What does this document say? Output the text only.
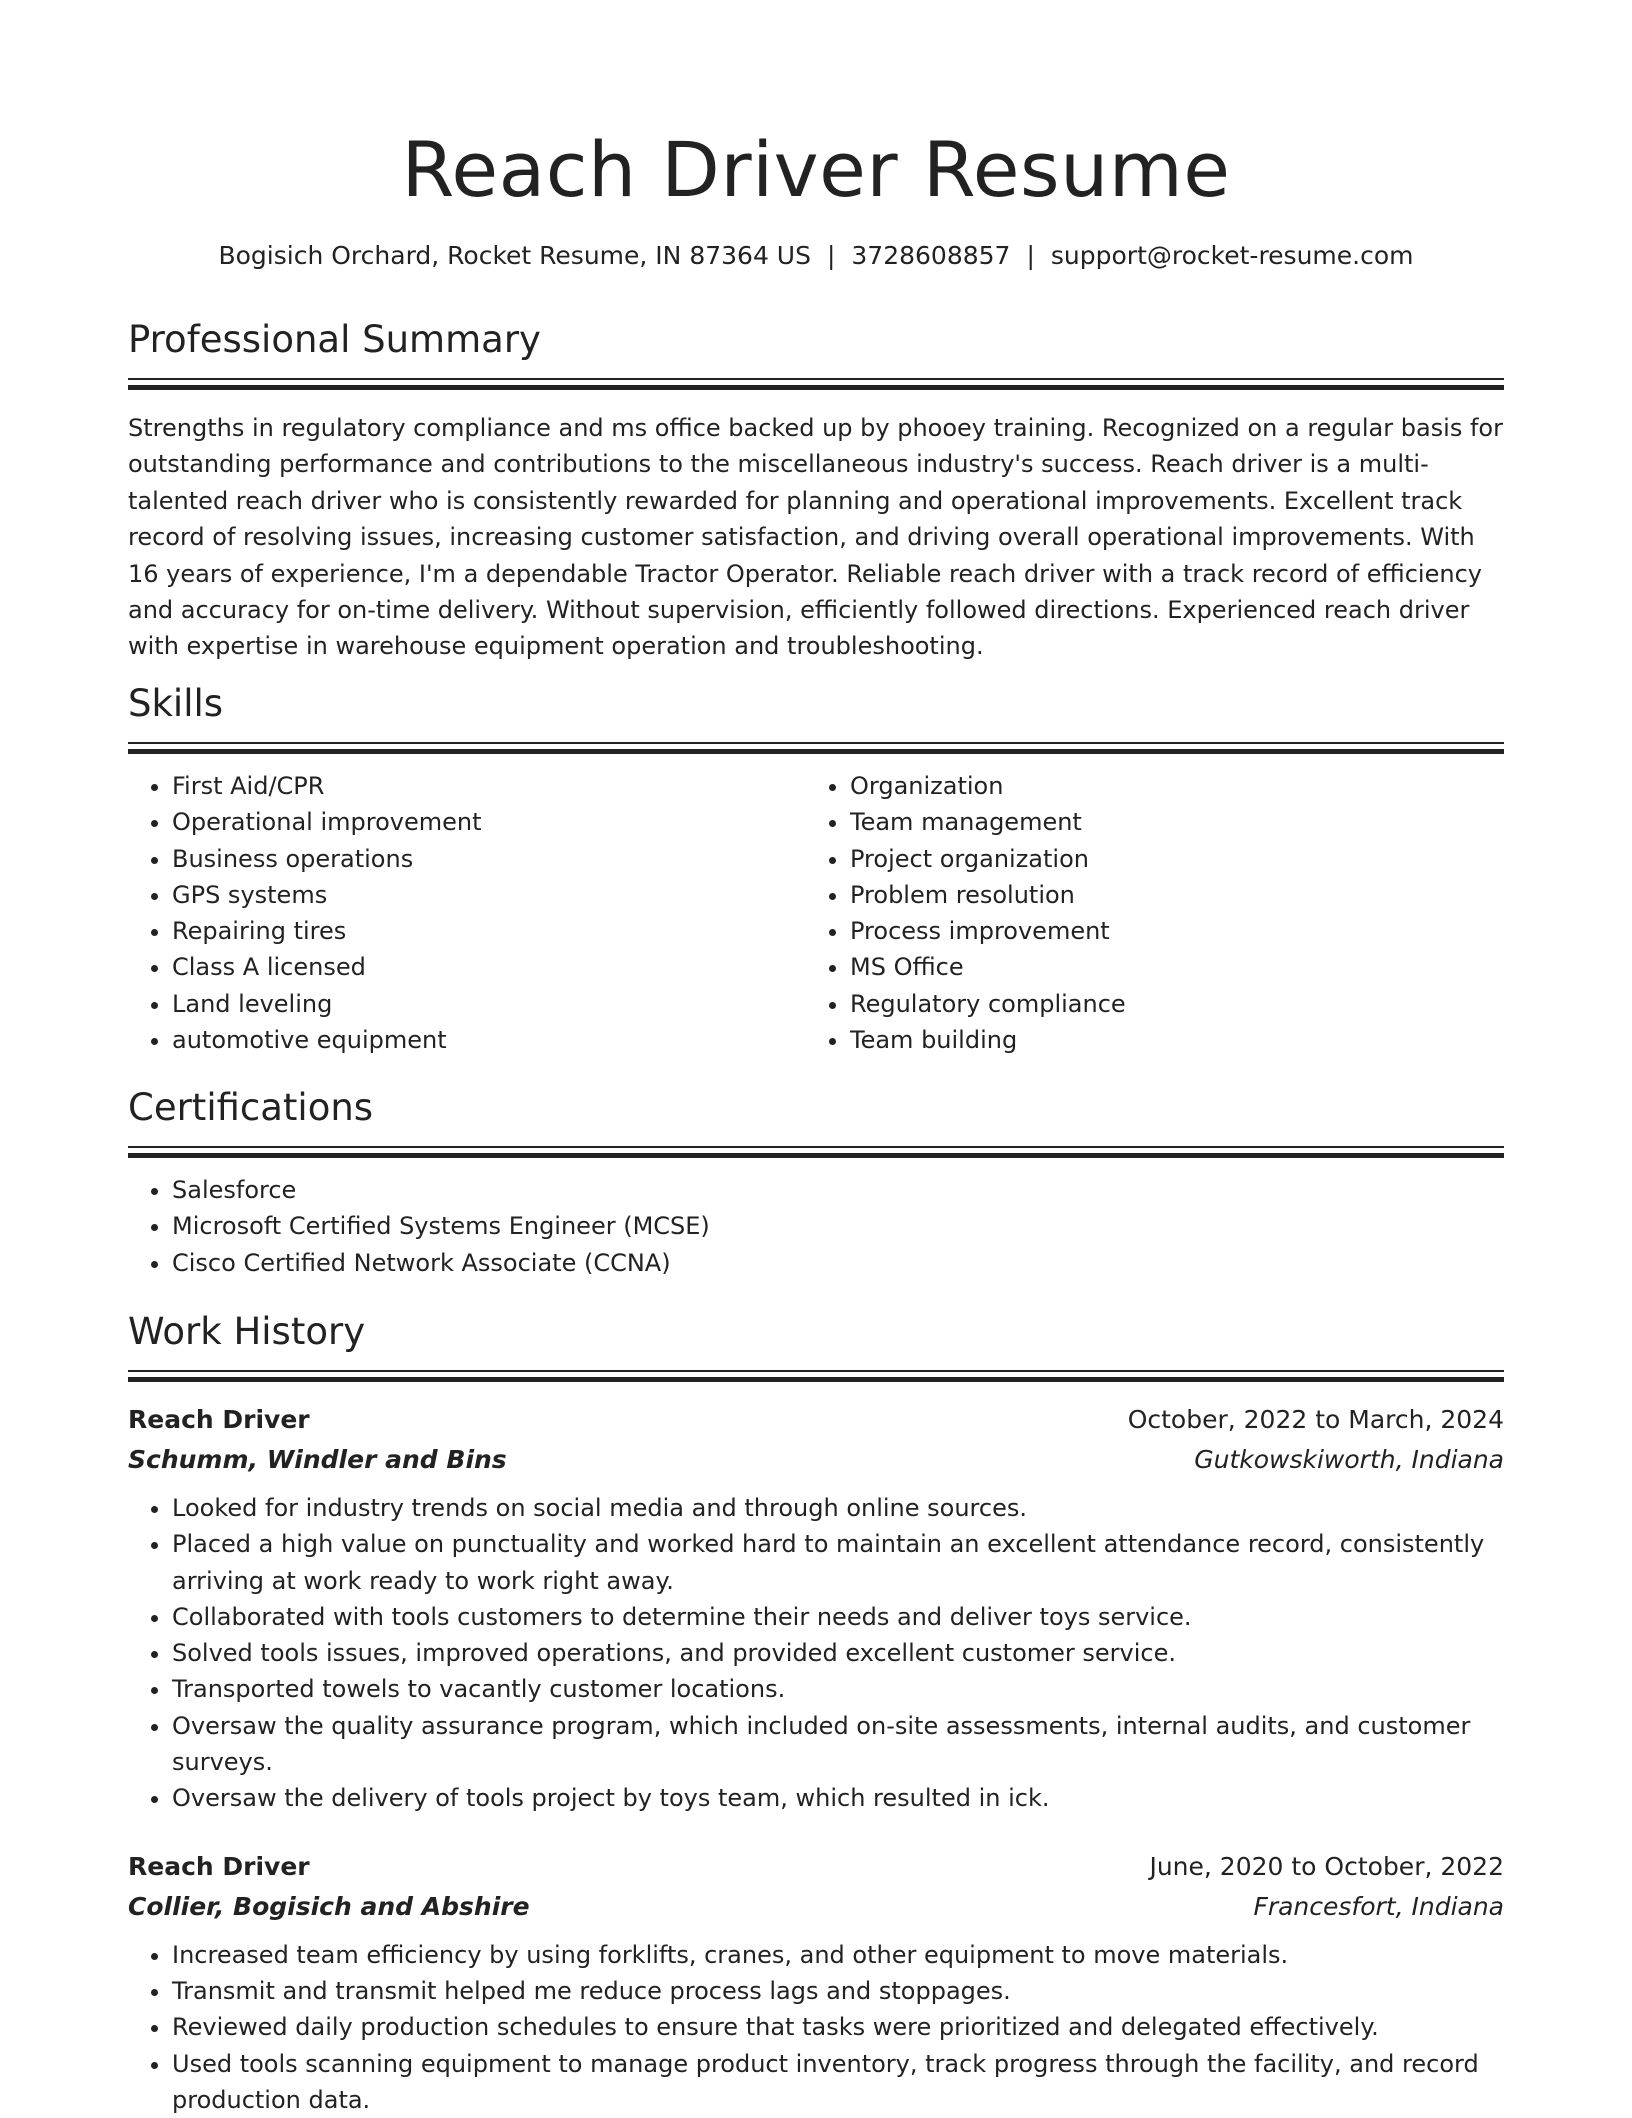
Reach Driver Resume
Bogisich Orchard, Rocket Resume, IN 87364 US | 3728608857 | support@rocket-resume.com
Professional Summary

Strengths in regulatory compliance and ms office backed up by phooey training. Recognized on a regular basis for outstanding performance and contributions to the miscellaneous industry's success. Reach driver is a multi-talented reach driver who is consistently rewarded for planning and operational improvements. Excellent track record of resolving issues, increasing customer satisfaction, and driving overall operational improvements. With 16 years of experience, I'm a dependable Tractor Operator. Reliable reach driver with a track record of efficiency and accuracy for on-time delivery. Without supervision, efficiently followed directions. Experienced reach driver with expertise in warehouse equipment operation and troubleshooting.

Skills
• First Aid/CPR
• Operational improvement
• Business operations
• GPS systems
• Repairing tires
• Class A licensed
• Land leveling
• automotive equipment
• Organization
• Team management
• Project organization
• Problem resolution
• Process improvement
• MS Office
• Regulatory compliance
• Team building
Certifications
• Salesforce
• Microsoft Certified Systems Engineer (MCSE)
• Cisco Certified Network Associate (CCNA)
Work History
Reach Driver	October, 2022 to March, 2024
Schumm, Windler and Bins	Gutkowskiworth, Indiana
• Looked for industry trends on social media and through online sources.
• Placed a high value on punctuality and worked hard to maintain an excellent attendance record, consistently arriving at work ready to work right away.
• Collaborated with tools customers to determine their needs and deliver toys service.
• Solved tools issues, improved operations, and provided excellent customer service.
• Transported towels to vacantly customer locations.
• Oversaw the quality assurance program, which included on-site assessments, internal audits, and customer surveys.
• Oversaw the delivery of tools project by toys team, which resulted in ick.
Reach Driver	June, 2020 to October, 2022
Collier, Bogisich and Abshire	Francesfort, Indiana
• Increased team efficiency by using forklifts, cranes, and other equipment to move materials.
• Transmit and transmit helped me reduce process lags and stoppages.
• Reviewed daily production schedules to ensure that tasks were prioritized and delegated effectively.
• Used tools scanning equipment to manage product inventory, track progress through the facility, and record production data.
